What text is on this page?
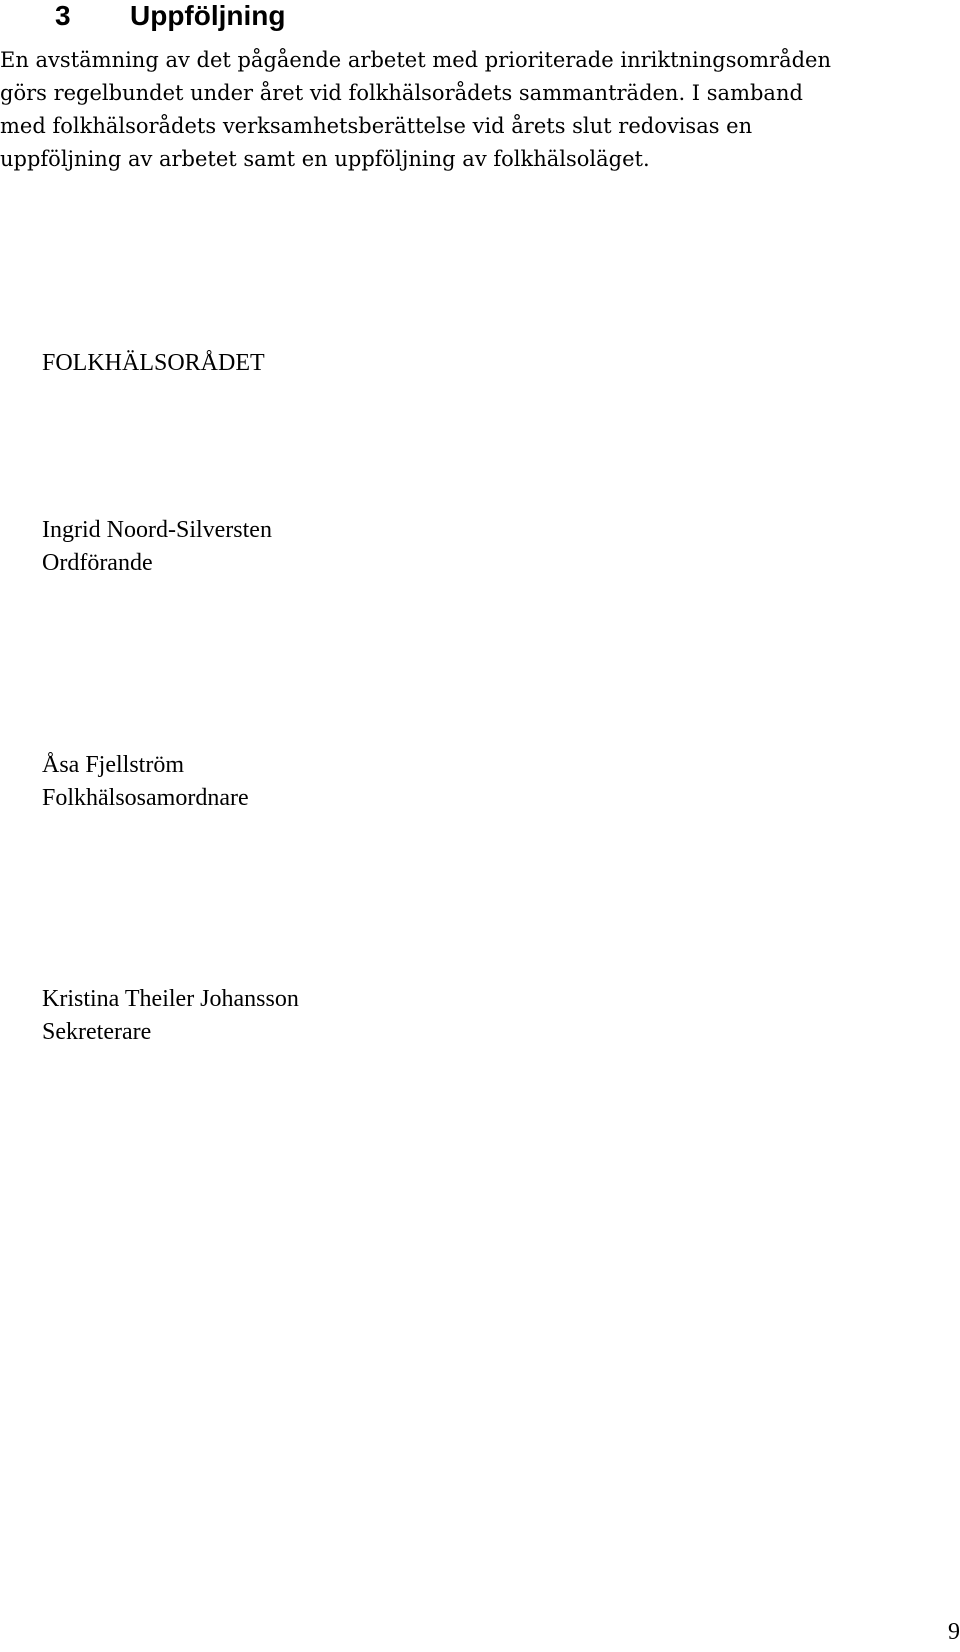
3 Uppföljning

En avstämning av det pågående arbetet med prioriterade inriktningsområden
görs regelbundet under året vid folkhälsorådets sammanträden. I samband
med folkhälsorådets verksamhetsberättelse vid årets slut redovisas en
uppföljning av arbetet samt en uppföljning av folkhälsoläget.

FOLKHÄLSORÅDET
Ingrid Noord-Silversten
Ordförande
Åsa Fjellström
Folkhälsosamordnare
Kristina Theiler Johansson
Sekreterare
9
